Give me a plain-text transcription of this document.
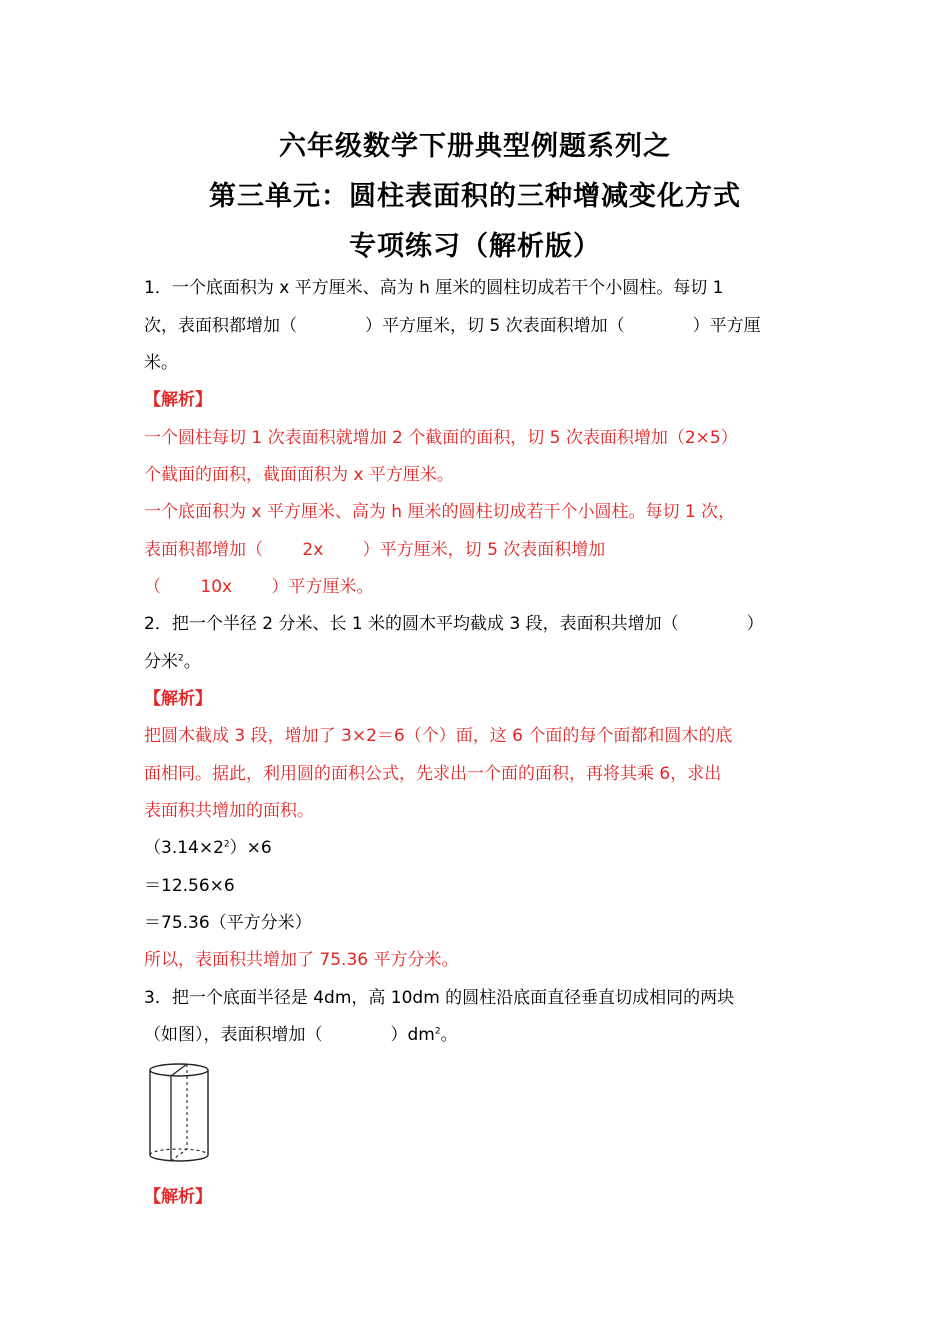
六年级数学下册典型例题系列之
第三单元：圆柱表面积的三种增减变化方式
专项练习（解析版）
1．一个底面积为 x 平方厘米、高为 h 厘米的圆柱切成若干个小圆柱。每切 1
次，表面积都增加（　　　　）平方厘米，切 5 次表面积增加（　　　　）平方厘
米。
【解析】
一个圆柱每切 1 次表面积就增加 2 个截面的面积，切 5 次表面积增加（2×5）
个截面的面积，截面面积为 x 平方厘米。
一个底面积为 x 平方厘米、高为 h 厘米的圆柱切成若干个小圆柱。每切 1 次，
表面积都增加（　　 2x　　 ）平方厘米，切 5 次表面积增加
（　　 10x　　 ）平方厘米。
2．把一个半径 2 分米、长 1 米的圆木平均截成 3 段，表面积共增加（　　　　）
分米$^2$。
【解析】
把圆木截成 3 段，增加了 3×2＝6（个）面，这 6 个面的每个面都和圆木的底
面相同。据此，利用圆的面积公式，先求出一个面的面积，再将其乘 6，求出
表面积共增加的面积。
$(3.14\times 2^2)\times 6$
＝12.56×6
＝75.36（平方分米）
所以，表面积共增加了 75.36 平方分米。
3．把一个底面半径是 4dm，高 10dm 的圆柱沿底面直径垂直切成相同的两块
（如图），表面积增加（　　　　）$dm^2$。
【解析】
